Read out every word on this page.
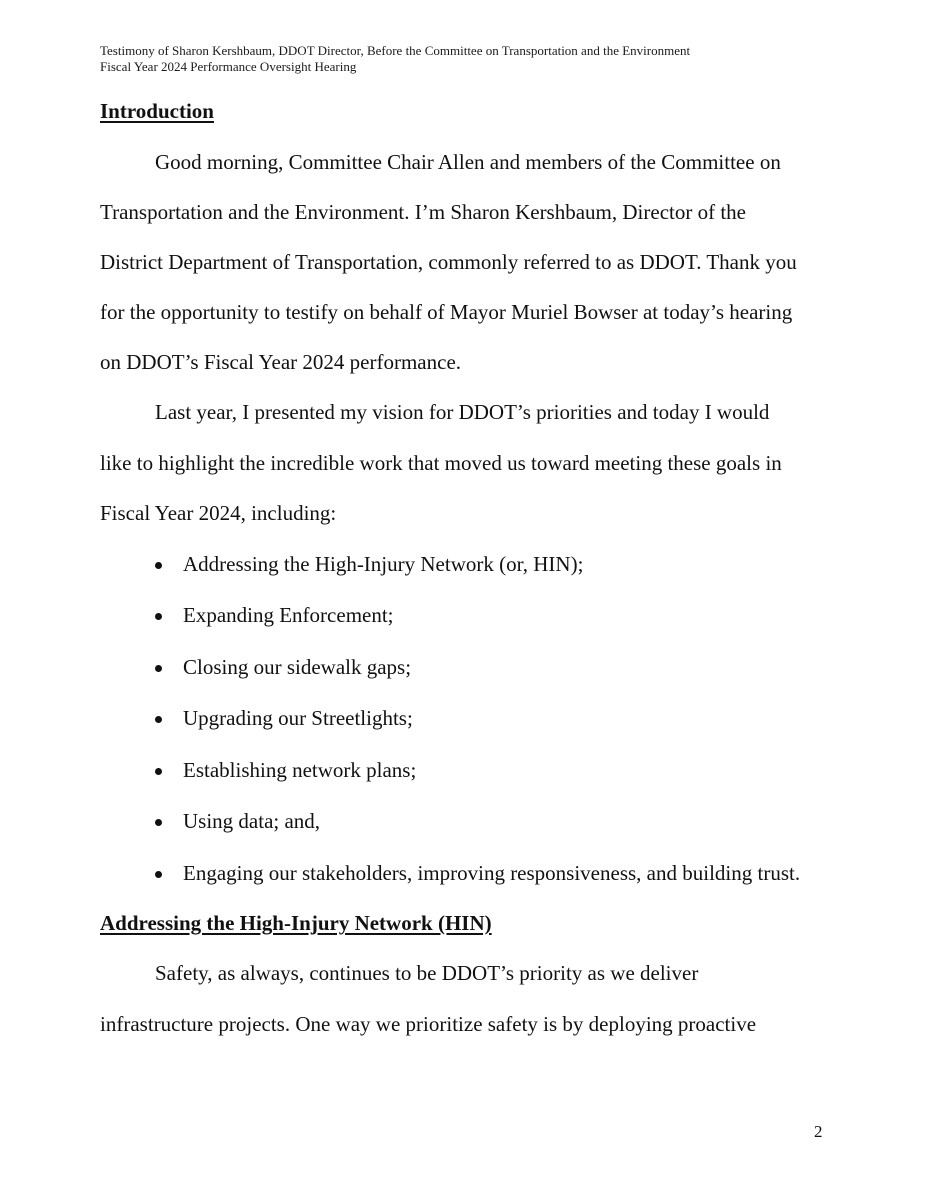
Testimony of Sharon Kershbaum, DDOT Director, Before the Committee on Transportation and the Environment
Fiscal Year 2024 Performance Oversight Hearing
Introduction
Good morning, Committee Chair Allen and members of the Committee on
Transportation and the Environment. I’m Sharon Kershbaum, Director of the
District Department of Transportation, commonly referred to as DDOT. Thank you
for the opportunity to testify on behalf of Mayor Muriel Bowser at today’s hearing
on DDOT’s Fiscal Year 2024 performance.
Last year, I presented my vision for DDOT’s priorities and today I would
like to highlight the incredible work that moved us toward meeting these goals in
Fiscal Year 2024, including:
Addressing the High-Injury Network (or, HIN);
Expanding Enforcement;
Closing our sidewalk gaps;
Upgrading our Streetlights;
Establishing network plans;
Using data; and,
Engaging our stakeholders, improving responsiveness, and building trust.
Addressing the High-Injury Network (HIN)
Safety, as always, continues to be DDOT’s priority as we deliver
infrastructure projects. One way we prioritize safety is by deploying proactive
2
